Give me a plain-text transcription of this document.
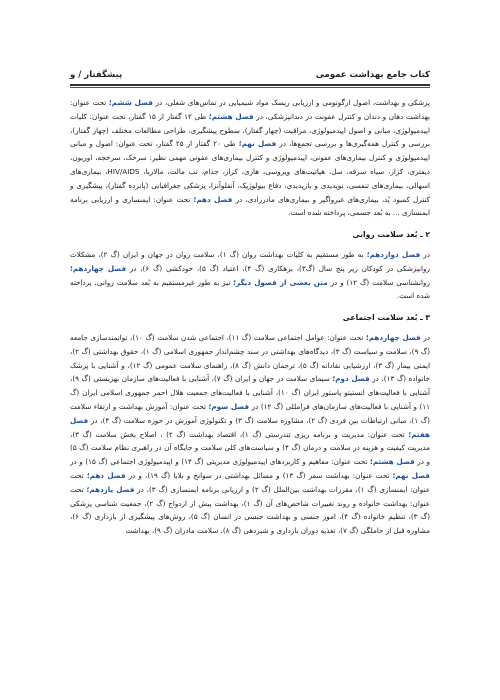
کتاب جامع بهداشت عمومی
پیشگفتار / و

پزشکی و بهداشت، اصول ارگونومی و ارزیابی ریسک مواد شیمیایی در تماس‌های شغلی، در فصل ششم؛ تحت عنوان: بهداشت دهان و دندان و کنترل عفونت در دندانپزشکی، در فصل هشتم؛ طی ۱۲ گفتار از ۱۵ گفتار، تحت عنوان: کلیات اپیدمیولوژی، مبانی و اصول اپیدمیولوژی، مراقبت (چهار گفتار)، سطوح پیشگیری، طراحی مطالعات مختلف (چهار گفتار)، بررسی و کنترل همه‌گیری‌ها و بررسی تجمع‌ها، در فصل نهم؛ طی ۲۰ گفتار از ۲۵ گفتار، تحت عنوان: اصول و مبانی اپیدمیولوژی و کنترل بیماری‌های عفونی، اپیدمیولوژی و کنترل بیماری‌های عفونی مهمی نظیر: سرخک، سرخجه، اوریون، دیفتری، کزاز، سیاه سرفه، سل، هپاتیت‌های ویروسی، هاری، کزاز، جذام، تب مالت، مالاریا، HIV/AIDS، بیماری‌های اسهالی، بیماری‌های تنفسی، نوپدیدی و بازپدیدی، دفاع بیولوژیک، آنفلوآنزا، پزشکی جغرافیایی (پانزده گفتار)، پیشگیری و کنترل کمبود یُد، بیماری‌های غیرواگیر و بیماری‌های مادرزادی، در فصل دهم؛ تحت عنوان: ایمنسازی و ارزیابی برنامه ایمنسازی ... به بُعد جسمی، پرداخته شده است.

۲ ـ بُعد سلامت روانی

در فصل دوازدهم؛ به طور مستقیم به کلیات بهداشت روان (گ ۱)، سلامت روان در جهان و ایران (گ ۲)، مشکلات روانپزشکی در کودکان زیر پنج سال (گ۳)، بزهکاری (گ ۴)، اعتیاد (گ ۵)، خودکشی (گ ۶)، در فصل چهاردهم؛ روانشناسی سلامت (گ ۱۲) و در متن بعضی از فصول دیگر؛ نیز به طور غیرمستقیم به بُعد سلامت روانی، پرداخته شده است.

۳ ـ بُعد سلامت اجتماعی

در فصل چهاردهم؛ تحت عنوان: عوامل اجتماعی سلامت (گ ۱۱)، اجتماعی شدن سلامت (گ ۱۰)، توانمندسازی جامعه (گ ۹)، سلامت و سیاست (گ ۴)، دیدگاه‌های بهداشتی در سند چشم‌انداز جمهوری اسلامی (گ ۱)، حقوق بهداشتی (گ ۲)، ایمنی بیمار (گ ۳)، ارزشیابی نقادانه (گ ۵)، ترجمان دانش (گ ۸)، راهنمای سلامت عمومی (گ ۱۲)، و آشنایی با پزشک خانواده (گ ۱۳)، در فصل دوم؛ سیمای سلامت در جهان و ایران (گ ۷)، آشنایی با فعالیت‌های سازمان بهزیستی (گ ۹)، آشنایی با فعالیت‌های انستیتو پاستور ایران (گ ۱۰)، آشنایی با فعالیت‌های جمعیت هلال احمر جمهوری اسلامی ایران (گ ۱۱) و آشنایی با فعالیت‌های سازمان‌های فرامللی (گ ۱۲) در فصل سوم؛ تحت عنوان: آموزش بهداشت و ارتقاء سلامت (گ ۱)، مبانی ارتباطات بین فردی (گ ۲)، مشاوره سلامت (گ ۳) و تکنولوژی آموزش در حوزه سلامت (گ ۴)، در فصل هفتم؛ تحت عنوان: مدیریت و برنامه ریزی تندرستی (گ ۱)، اقتصاد بهداشت (گ ۲) ، اصلاح بخش سلامت (گ ۳)، مدیریت کیفیت و هزینه در سلامت و درمان (گ ۴) و سیاست‌های کلی سلامت و جایگاه آن در راهبری نظام سلامت (گ ۵) و در فصل هشتم؛ تحت عنوان: مفاهیم و کاربردهای اپیدمیولوژی مدیریتی (گ ۱۴) و اپیدمیولوژی اجتماعی (گ ۱۵) و در فصل نهم؛ تحت عنوان: بهداشت سفر (گ ۱۳) و مسائل بهداشتی در سوانح و بلایا (گ ۱۹)، و در فصل دهم؛ تحت عنوان: ایمنسازی (گ ۱)، مقررات بهداشت بین‌الملل (گ ۲) و ارزیابی برنامه ایمنسازی (گ ۳)، در فصل یازدهم؛ تحت عنوان: بهداشت خانواده و روند تغییرات شاخص‌های آن (گ ۱)، بهداشت پیش از ازدواج (گ ۲)، جمعیت شناسی پزشکی (گ ۳)، تنظیم خانواده (گ ۴)، امور جنسی و بهداشت جنسی در انسان (گ ۵)، روش‌های پیشگیری از بارداری (گ ۶)، مشاوره قبل از حاملگی (گ ۷)، تغذیه دوران بارداری و شیردهی (گ ۸)، سلامت مادران (گ ۹)، بهداشت
